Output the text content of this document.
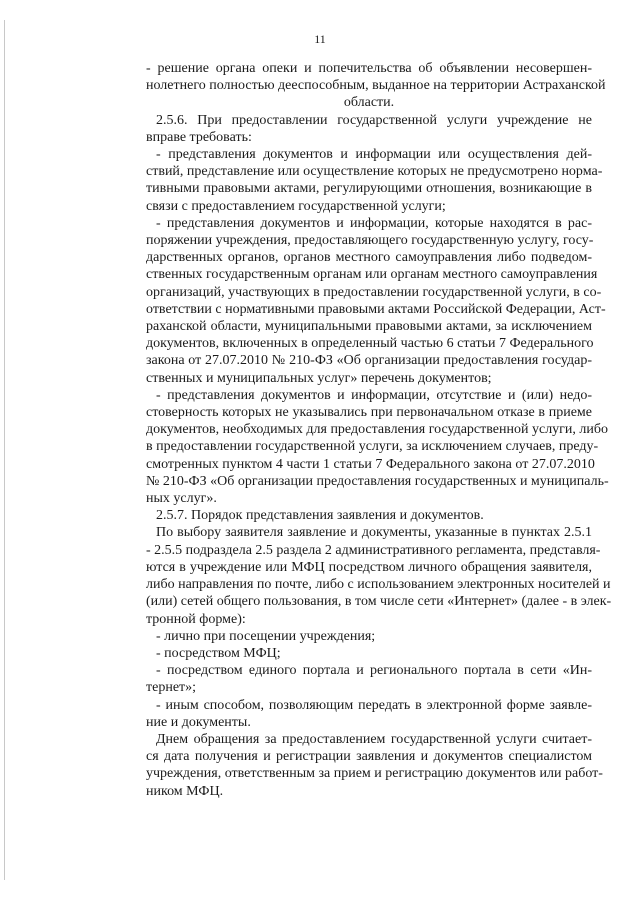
11
- решение органа опеки и попечительства об объявлении несовершен-
нолетнего полностью дееспособным, выданное на территории Астраханской
области.
2.5.6. При предоставлении государственной услуги учреждение не
вправе требовать:
- представления документов и информации или осуществления дей-
ствий, представление или осуществление которых не предусмотрено норма-
тивными правовыми актами, регулирующими отношения, возникающие в
связи с предоставлением государственной услуги;
- представления документов и информации, которые находятся в рас-
поряжении учреждения, предоставляющего государственную услугу, госу-
дарственных органов, органов местного самоуправления либо подведом-
ственных государственным органам или органам местного самоуправления
организаций, участвующих в предоставлении государственной услуги, в со-
ответствии с нормативными правовыми актами Российской Федерации, Аст-
раханской области, муниципальными правовыми актами, за исключением
документов, включенных в определенный частью 6 статьи 7 Федерального
закона от 27.07.2010 № 210-ФЗ «Об организации предоставления государ-
ственных и муниципальных услуг» перечень документов;
- представления документов и информации, отсутствие и (или) недо-
стоверность которых не указывались при первоначальном отказе в приеме
документов, необходимых для предоставления государственной услуги, либо
в предоставлении государственной услуги, за исключением случаев, преду-
смотренных пунктом 4 части 1 статьи 7 Федерального закона от 27.07.2010
№ 210-ФЗ «Об организации предоставления государственных и муниципаль-
ных услуг».
2.5.7. Порядок представления заявления и документов.
По выбору заявителя заявление и документы, указанные в пунктах 2.5.1
- 2.5.5 подраздела 2.5 раздела 2 административного регламента, представля-
ются в учреждение или МФЦ посредством личного обращения заявителя,
либо направления по почте, либо с использованием электронных носителей и
(или) сетей общего пользования, в том числе сети «Интернет» (далее - в элек-
тронной форме):
- лично при посещении учреждения;
- посредством МФЦ;
- посредством единого портала и регионального портала в сети «Ин-
тернет»;
- иным способом, позволяющим передать в электронной форме заявле-
ние и документы.
Днем обращения за предоставлением государственной услуги считает-
ся дата получения и регистрации заявления и документов специалистом
учреждения, ответственным за прием и регистрацию документов или работ-
ником МФЦ.
